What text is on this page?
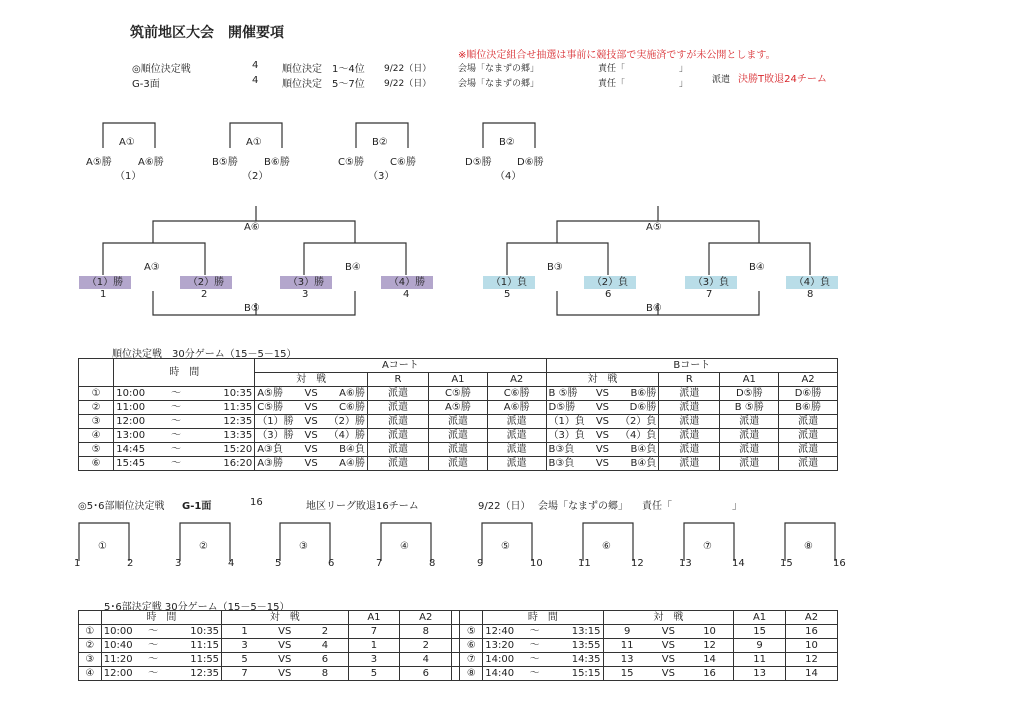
筑前地区大会　開催要項
◎順位決定戦	4 順位決定　1～4位 9/22（日）	会場「なまずの郷」	責任「　　　　　　」
G-3面	4 順位決定　5～7位 9/22（日）	会場「なまずの郷」	責任「　　　　　　」	派遣
※順位決定組合せ抽選は事前に競技部で実施済ですが未公開とします。
決勝T敗退24チーム
A①
A⑤勝	A⑥勝
（1）
A①
B⑤勝	B⑥勝
（2）
B②
C⑤勝	C⑥勝
（3）
B②
D⑤勝	D⑥勝
（4）
A⑥
A③	B④
B⑤
（1）勝	（2）勝	（3）勝	（4）勝
1	2	3	4
A⑤
B③	B④
B⑥
（1）負	（2）負	（3）負	（4）負
5	6	7	8
順位決定戦　30分ゲーム（15－5－15）
	時　間			Aコート						Bコート					
				対　戦			R	A1	A2	対　戦			R	A1	A2
①	10:00	～	10:35	A⑤勝	VS	A⑥勝	派遣	C⑤勝	C⑥勝	B ⑤勝	VS	B⑥勝	派遣	D⑤勝	D⑥勝
②	11:00	～	11:35	C⑤勝	VS	C⑥勝	派遣	A⑤勝	A⑥勝	D⑤勝	VS	D⑥勝	派遣	B ⑤勝	B⑥勝
③	12:00	～	12:35	（1）勝	VS	（2）勝	派遣	派遣	派遣	（1）負	VS	（2）負	派遣	派遣	派遣
④	13:00	～	13:35	（3）勝	VS	（4）勝	派遣	派遣	派遣	（3）負	VS	（4）負	派遣	派遣	派遣
⑤	14:45	～	15:20	A③負	VS	B④負	派遣	派遣	派遣	B③負	VS	B④負	派遣	派遣	派遣
⑥	15:45	～	16:20	A③勝	VS	A④勝	派遣	派遣	派遣	B③負	VS	B④負	派遣	派遣	派遣
◎5･6部順位決定戦 G-1面	16	地区リーグ敗退16チーム	9/22（日） 会場「なまずの郷」 責任「　　　　　　」
①
1	2
②
3	4
③
5	6
④
7	8
⑤
9	10
⑥
11	12
⑦
13	14
⑧
15	16
5･6部決定戦 30分ゲーム（15－5－15）
	時　間			対　戦			A1	A2			時　間			対　戦			A1	A2
①	10:00	～	10:35	1	VS	2	7	8		⑤	12:40	～	13:15	9	VS	10	15	16
②	10:40	～	11:15	3	VS	4	1	2		⑥	13:20	～	13:55	11	VS	12	9	10
③	11:20	～	11:55	5	VS	6	3	4		⑦	14:00	～	14:35	13	VS	14	11	12
④	12:00	～	12:35	7	VS	8	5	6		⑧	14:40	～	15:15	15	VS	16	13	14
